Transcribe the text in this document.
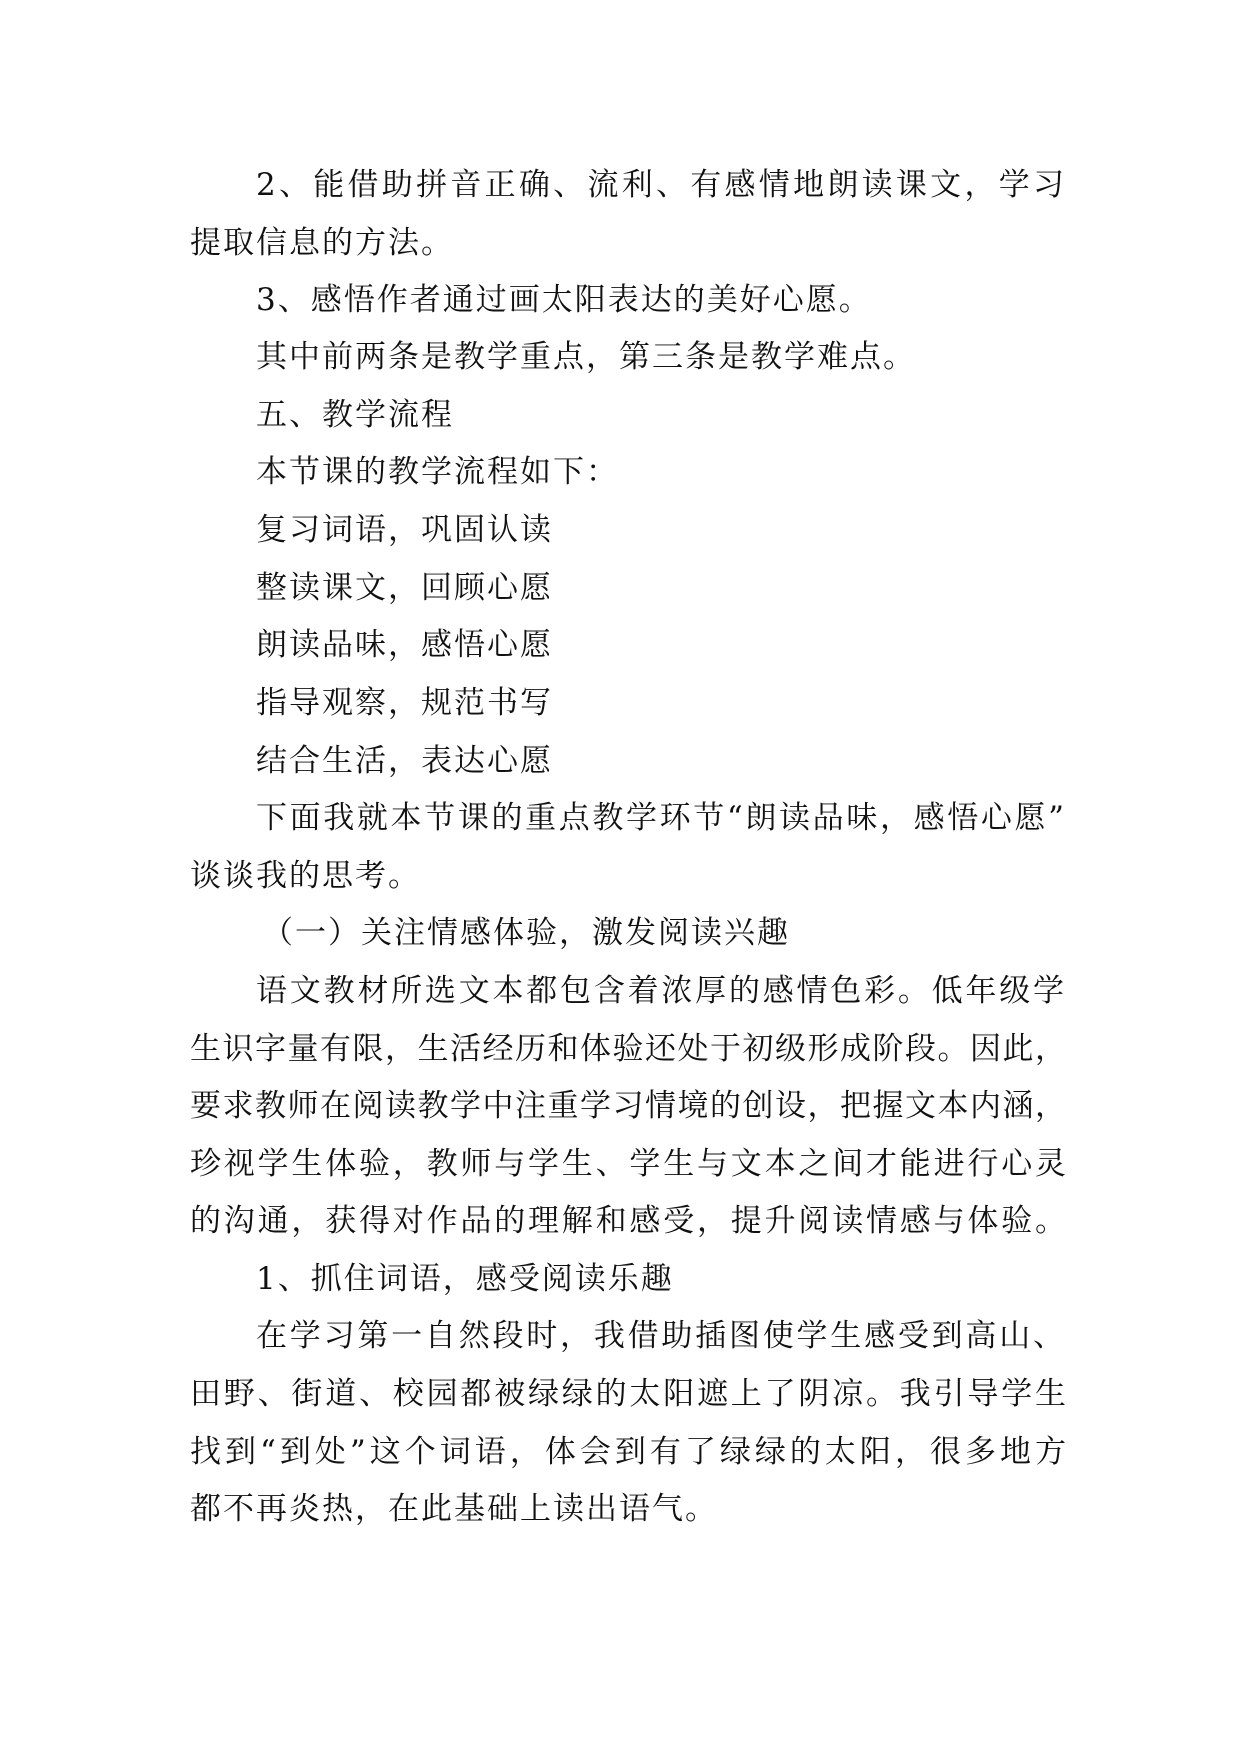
2、能借助拼音正确、流利、有感情地朗读课文，学习
提取信息的方法。
3、感悟作者通过画太阳表达的美好心愿。
其中前两条是教学重点，第三条是教学难点。
五、教学流程
本节课的教学流程如下：
复习词语，巩固认读
整读课文，回顾心愿
朗读品味，感悟心愿
指导观察，规范书写
结合生活，表达心愿
下面我就本节课的重点教学环节“朗读品味，感悟心愿”
谈谈我的思考。
（一）关注情感体验，激发阅读兴趣
语文教材所选文本都包含着浓厚的感情色彩。低年级学
生识字量有限，生活经历和体验还处于初级形成阶段。因此，
要求教师在阅读教学中注重学习情境的创设，把握文本内涵，
珍视学生体验，教师与学生、学生与文本之间才能进行心灵
的沟通，获得对作品的理解和感受，提升阅读情感与体验。
1、抓住词语，感受阅读乐趣
在学习第一自然段时，我借助插图使学生感受到高山、
田野、街道、校园都被绿绿的太阳遮上了阴凉。我引导学生
找到“到处”这个词语，体会到有了绿绿的太阳，很多地方
都不再炎热，在此基础上读出语气。
